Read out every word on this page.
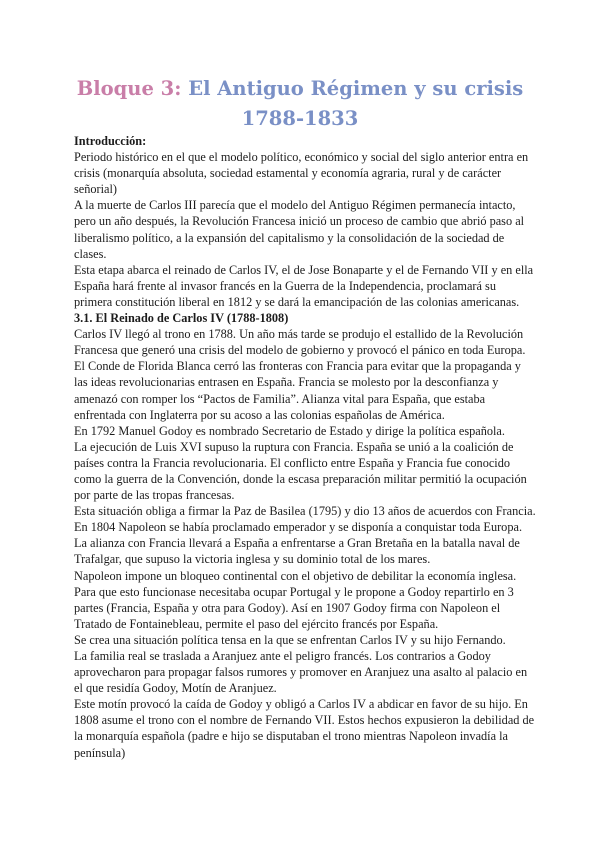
Bloque 3: El Antiguo Régimen y su crisis
1788-1833

Introducción:

Periodo histórico en el que el modelo político, económico y social del siglo anterior entra en crisis (monarquía absoluta, sociedad estamental y economía agraria, rural y de carácter señorial)

A la muerte de Carlos III parecía que el modelo del Antiguo Régimen permanecía intacto, pero un año después, la Revolución Francesa inició un proceso de cambio que abrió paso al liberalismo político, a la expansión del capitalismo y la consolidación de la sociedad de clases.

Esta etapa abarca el reinado de Carlos IV, el de Jose Bonaparte y el de Fernando VII y en ella España hará frente al invasor francés en la Guerra de la Independencia, proclamará su primera constitución liberal en 1812 y se dará la emancipación de las colonias americanas.

3.1. El Reinado de Carlos IV (1788-1808)

Carlos IV llegó al trono en 1788. Un año más tarde se produjo el estallido de la Revolución Francesa que generó una crisis del modelo de gobierno y provocó el pánico en toda Europa.

El Conde de Florida Blanca cerró las fronteras con Francia para evitar que la propaganda y las ideas revolucionarias entrasen en España. Francia se molesto por la desconfianza y amenazó con romper los “Pactos de Familia”. Alianza vital para España, que estaba enfrentada con Inglaterra por su acoso a las colonias españolas de América.

En 1792 Manuel Godoy es nombrado Secretario de Estado y dirige la política española.

La ejecución de Luis XVI supuso la ruptura con Francia. España se unió a la coalición de países contra la Francia revolucionaria. El conflicto entre España y Francia fue conocido como la guerra de la Convención, donde la escasa preparación militar permitió la ocupación por parte de las tropas francesas.

Esta situación obliga a firmar la Paz de Basilea (1795) y dio 13 años de acuerdos con Francia.

En 1804 Napoleon se había proclamado emperador y se disponía a conquistar toda Europa.

La alianza con Francia llevará a España a enfrentarse a Gran Bretaña en la batalla naval de Trafalgar, que supuso la victoria inglesa y su dominio total de los mares.

Napoleon impone un bloqueo continental con el objetivo de debilitar la economía inglesa. Para que esto funcionase necesitaba ocupar Portugal y le propone a Godoy repartirlo en 3 partes (Francia, España y otra para Godoy). Así en 1907 Godoy firma con Napoleon el Tratado de Fontainebleau, permite el paso del ejército francés por España.

Se crea una situación política tensa en la que se enfrentan Carlos IV y su hijo Fernando.

La familia real se traslada a Aranjuez ante el peligro francés. Los contrarios a Godoy aprovecharon para propagar falsos rumores y promover en Aranjuez una asalto al palacio en el que residía Godoy, Motín de Aranjuez.

Este motín provocó la caída de Godoy y obligó a Carlos IV a abdicar en favor de su hijo. En 1808 asume el trono con el nombre de Fernando VII. Estos hechos expusieron la debilidad de la monarquía española (padre e hijo se disputaban el trono mientras Napoleon invadía la península)
